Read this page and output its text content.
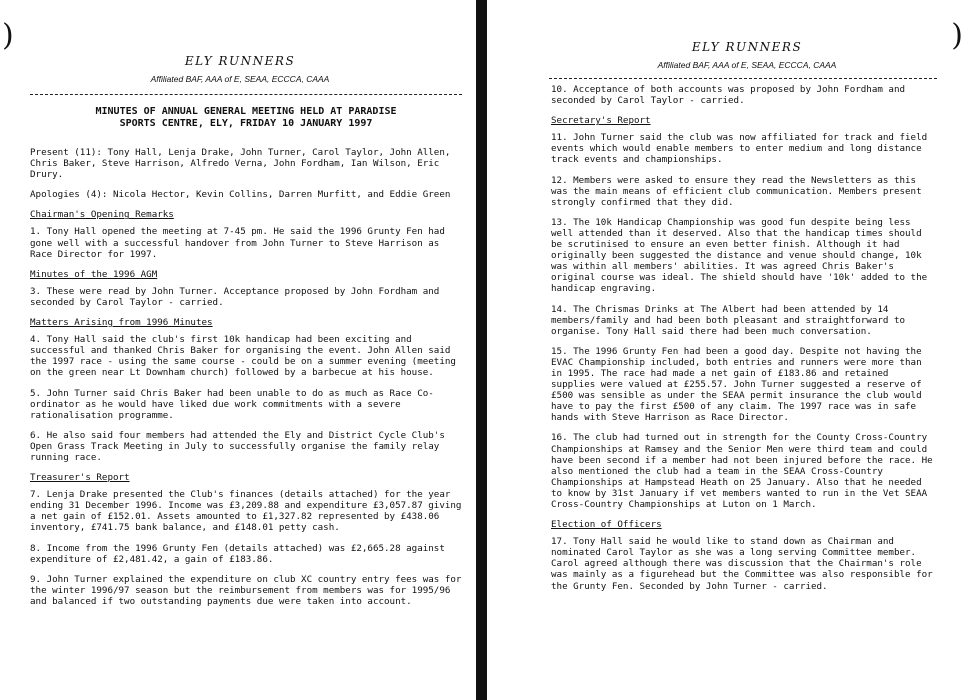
)
ELY RUNNERS
Affiliated BAF, AAA of E, SEAA, ECCCA, CAAA
MINUTES OF ANNUAL GENERAL MEETING HELD AT PARADISE
SPORTS CENTRE, ELY, FRIDAY 10 JANUARY 1997

Present (11): Tony Hall, Lenja Drake, John Turner, Carol Taylor, John Allen, Chris Baker, Steve Harrison, Alfredo Verna, John Fordham, Ian Wilson, Eric Drury.

Apologies (4): Nicola Hector, Kevin Collins, Darren Murfitt, and Eddie Green

Chairman's Opening Remarks

1. Tony Hall opened the meeting at 7-45 pm. He said the 1996 Grunty Fen had gone well with a successful handover from John Turner to Steve Harrison as Race Director for 1997.

Minutes of the 1996 AGM

3. These were read by John Turner. Acceptance proposed by John Fordham and seconded by Carol Taylor - carried.

Matters Arising from 1996 Minutes

4. Tony Hall said the club's first 10k handicap had been exciting and successful and thanked Chris Baker for organising the event. John Allen said the 1997 race - using the same course - could be on a summer evening (meeting on the green near Lt Downham church) followed by a barbecue at his house.

5. John Turner said Chris Baker had been unable to do as much as Race Co-ordinator as he would have liked due work commitments with a severe rationalisation programme.

6. He also said four members had attended the Ely and District Cycle Club's Open Grass Track Meeting in July to successfully organise the family relay running race.

Treasurer's Report

7. Lenja Drake presented the Club's finances (details attached) for the year ending 31 December 1996. Income was £3,209.88 and expenditure £3,057.87 giving a net gain of £152.01. Assets amounted to £1,327.82 represented by £438.06 inventory, £741.75 bank balance, and £148.01 petty cash.

8. Income from the 1996 Grunty Fen (details attached) was £2,665.28 against expenditure of £2,481.42, a gain of £183.86.

9. John Turner explained the expenditure on club XC country entry fees was for the winter 1996/97 season but the reimbursement from members was for 1995/96 and balanced if two outstanding payments due were taken into account.

)
ELY RUNNERS
Affiliated BAF, AAA of E, SEAA, ECCCA, CAAA

10. Acceptance of both accounts was proposed by John Fordham and seconded by Carol Taylor - carried.

Secretary's Report

11. John Turner said the club was now affiliated for track and field events which would enable members to enter medium and long distance track events and championships.

12. Members were asked to ensure they read the Newsletters as this was the main means of efficient club communication. Members present strongly confirmed that they did.

13. The 10k Handicap Championship was good fun despite being less well attended than it deserved. Also that the handicap times should be scrutinised to ensure an even better finish. Although it had originally been suggested the distance and venue should change, 10k was within all members' abilities. It was agreed Chris Baker's original course was ideal. The shield should have '10k' added to the handicap engraving.

14. The Chrismas Drinks at The Albert had been attended by 14 members/family and had been both pleasant and straightforward to organise. Tony Hall said there had been much conversation.

15. The 1996 Grunty Fen had been a good day. Despite not having the EVAC Championship included, both entries and runners were more than in 1995. The race had made a net gain of £183.86 and retained supplies were valued at £255.57. John Turner suggested a reserve of £500 was sensible as under the SEAA permit insurance the club would have to pay the first £500 of any claim. The 1997 race was in safe hands with Steve Harrison as Race Director.

16. The club had turned out in strength for the County Cross-Country Championships at Ramsey and the Senior Men were third team and could have been second if a member had not been injured before the race. He also mentioned the club had a team in the SEAA Cross-Country Championships at Hampstead Heath on 25 January. Also that he needed to know by 31st January if vet members wanted to run in the Vet SEAA Cross-Country Championships at Luton on 1 March.

Election of Officers

17. Tony Hall said he would like to stand down as Chairman and nominated Carol Taylor as she was a long serving Committee member. Carol agreed although there was discussion that the Chairman's role was mainly as a figurehead but the Committee was also responsible for the Grunty Fen. Seconded by John Turner - carried.
